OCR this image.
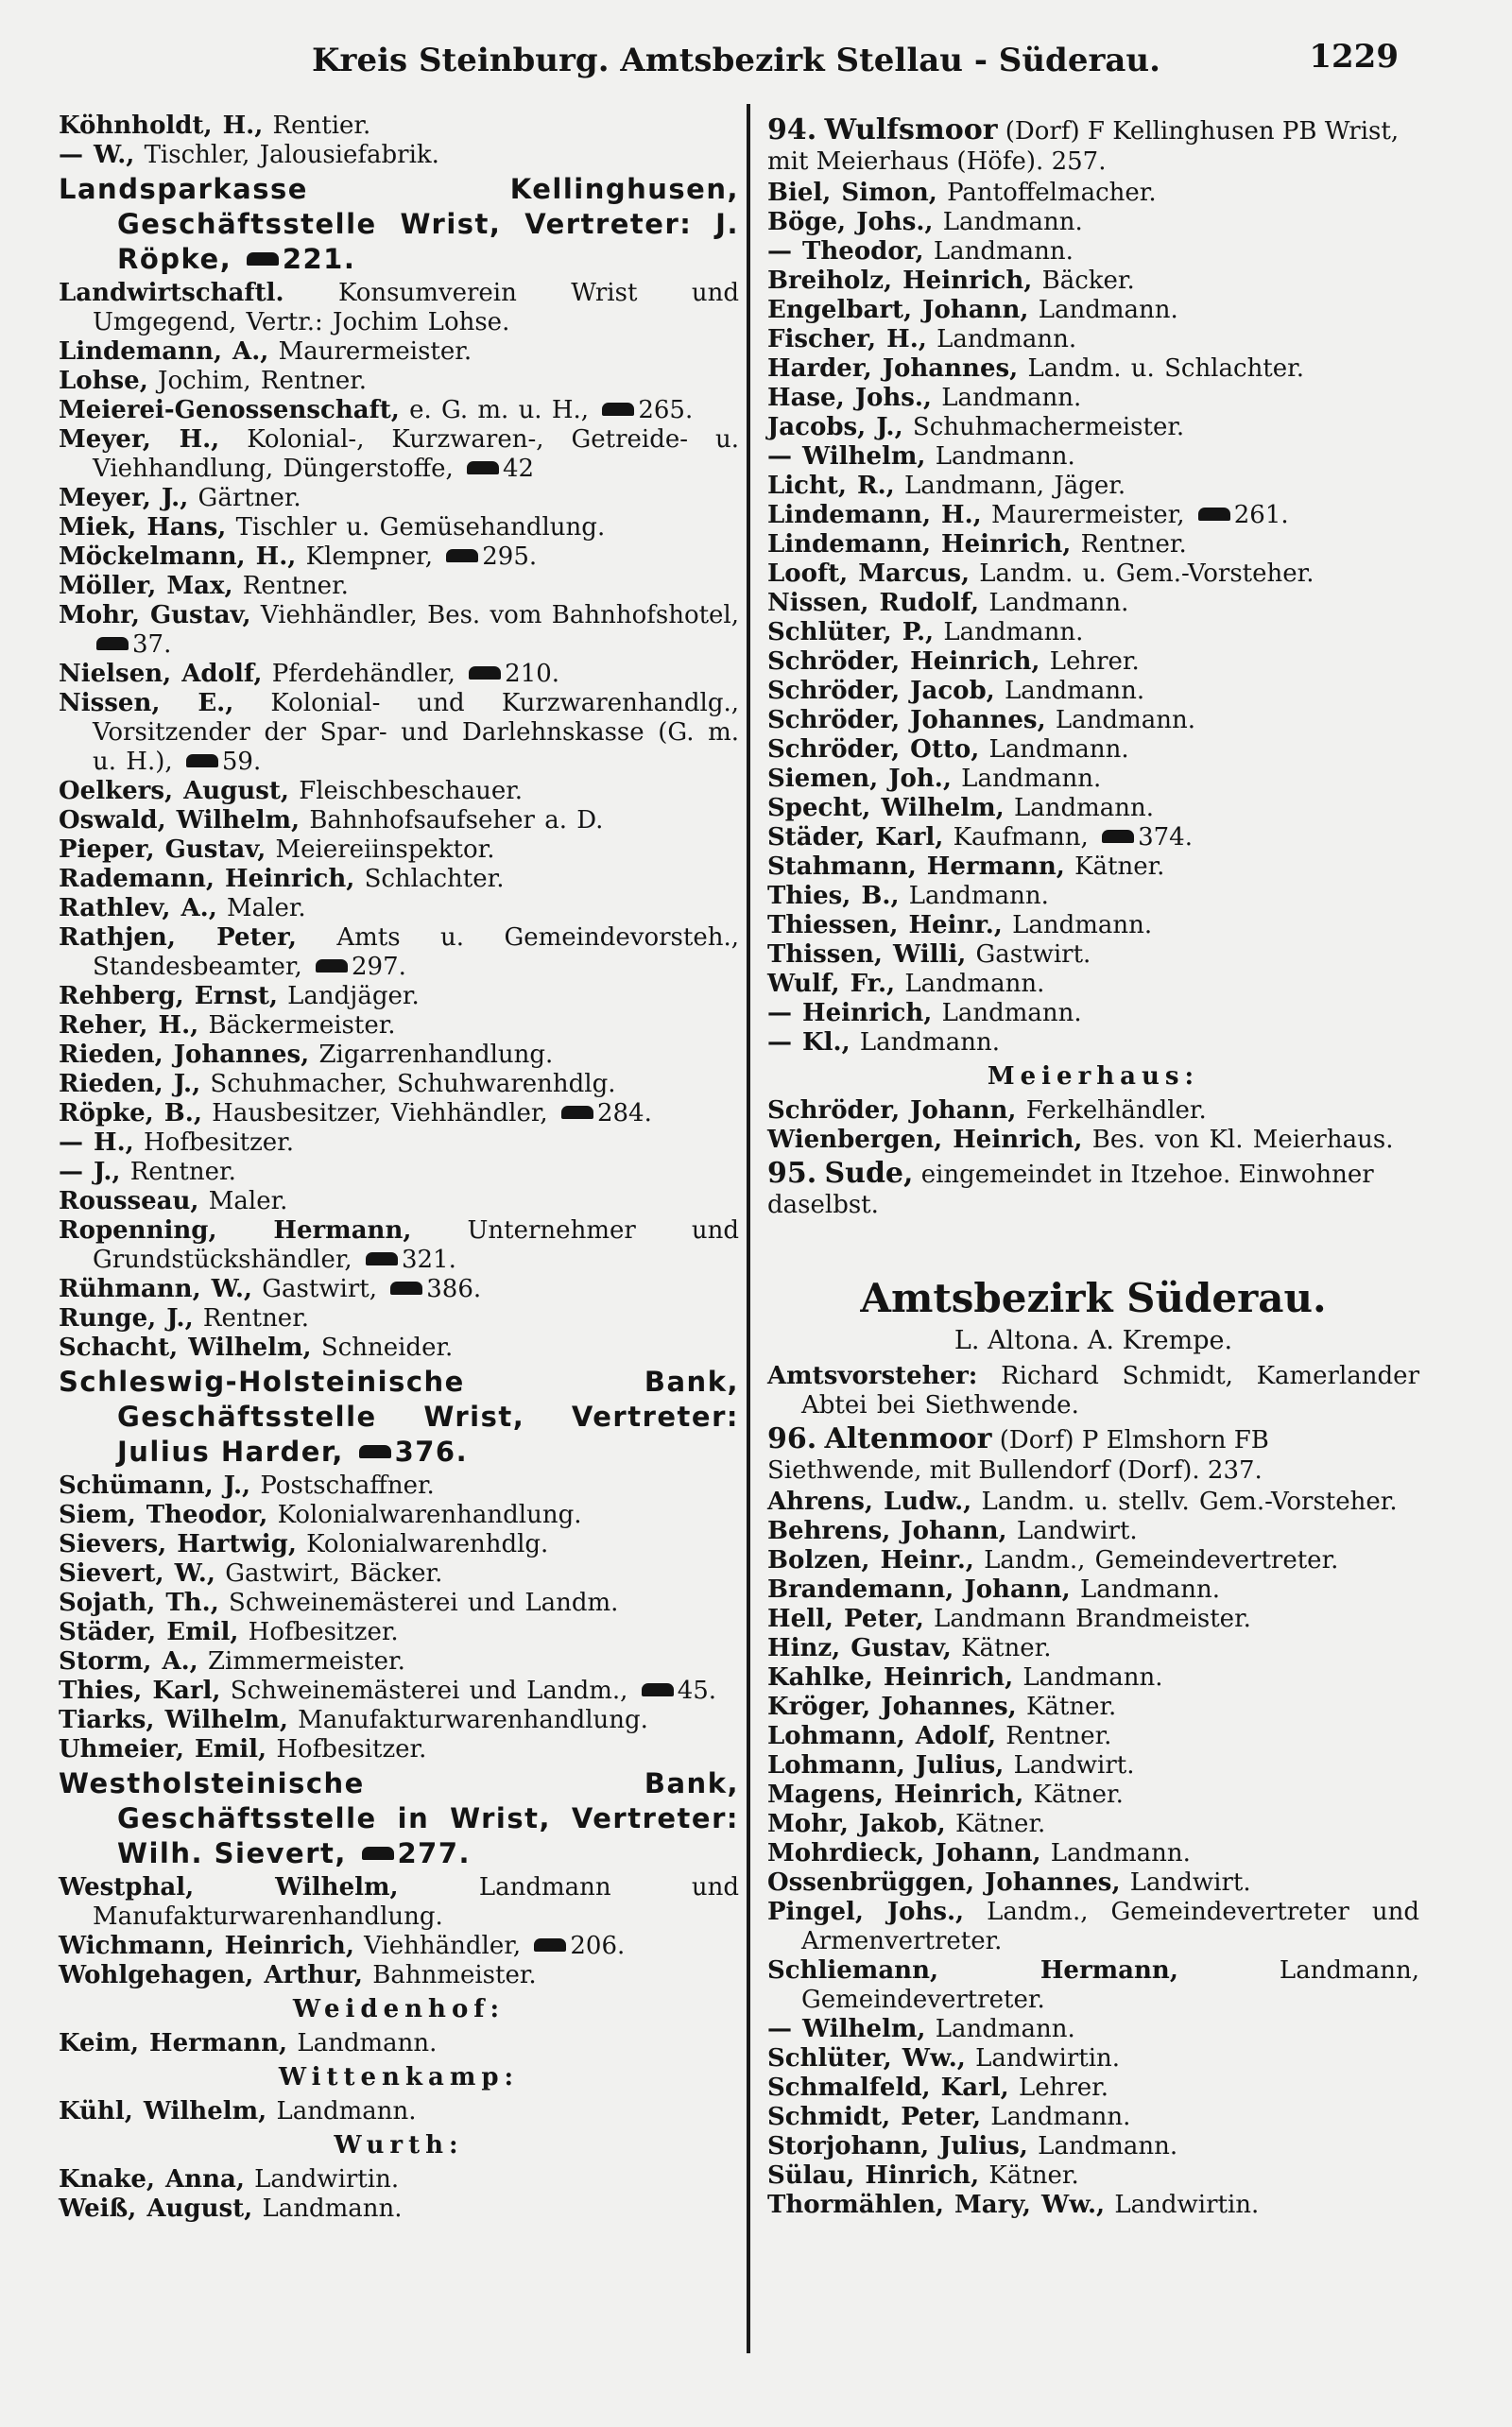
Kreis Steinburg. Amtsbezirk Stellau - Süderau.	1229

Köhnholdt, H., Rentier.

— W., Tischler, Jalousiefabrik.

Landsparkasse Kellinghusen, Geschäftsstelle Wrist, Vertreter: J. Röpke, 221.

Landwirtschaftl. Konsumverein Wrist und Umgegend, Vertr.: Jochim Lohse.

Lindemann, A., Maurermeister.

Lohse, Jochim, Rentner.

Meierei-Genossenschaft, e. G. m. u. H., 265.

Meyer, H., Kolonial-, Kurzwaren-, Getreide- u. Viehhandlung, Düngerstoffe, 42

Meyer, J., Gärtner.

Miek, Hans, Tischler u. Gemüsehandlung.

Möckelmann, H., Klempner, 295.

Möller, Max, Rentner.

Mohr, Gustav, Viehhändler, Bes. vom Bahnhofshotel, 37.

Nielsen, Adolf, Pferdehändler, 210.

Nissen, E., Kolonial- und Kurzwarenhandlg., Vorsitzender der Spar- und Darlehnskasse (G. m. u. H.), 59.

Oelkers, August, Fleischbeschauer.

Oswald, Wilhelm, Bahnhofsaufseher a. D.

Pieper, Gustav, Meiereiinspektor.

Rademann, Heinrich, Schlachter.

Rathlev, A., Maler.

Rathjen, Peter, Amts u. Gemeindevorsteh., Standesbeamter, 297.

Rehberg, Ernst, Landjäger.

Reher, H., Bäckermeister.

Rieden, Johannes, Zigarrenhandlung.

Rieden, J., Schuhmacher, Schuhwarenhdlg.

Röpke, B., Hausbesitzer, Viehhändler, 284.

— H., Hofbesitzer.

— J., Rentner.

Rousseau, Maler.

Ropenning, Hermann, Unternehmer und Grundstückshändler, 321.

Rühmann, W., Gastwirt, 386.

Runge, J., Rentner.

Schacht, Wilhelm, Schneider.

Schleswig-Holsteinische Bank, Geschäftsstelle Wrist, Vertreter: Julius Harder, 376.

Schümann, J., Postschaffner.

Siem, Theodor, Kolonialwarenhandlung.

Sievers, Hartwig, Kolonialwarenhdlg.

Sievert, W., Gastwirt, Bäcker.

Sojath, Th., Schweinemästerei und Landm.

Städer, Emil, Hofbesitzer.

Storm, A., Zimmermeister.

Thies, Karl, Schweinemästerei und Landm., 45.

Tiarks, Wilhelm, Manufakturwarenhandlung.

Uhmeier, Emil, Hofbesitzer.

Westholsteinische Bank, Geschäftsstelle in Wrist, Vertreter: Wilh. Sievert, 277.

Westphal, Wilhelm,	Landmann und Manufakturwarenhandlung.

Wichmann, Heinrich, Viehhändler, 206.

Wohlgehagen, Arthur, Bahnmeister.

Weidenhof:

Keim, Hermann, Landmann.

Wittenkamp:

Kühl, Wilhelm, Landmann.

Wurth:

Knake, Anna, Landwirtin.

Weiß, August, Landmann.

94. Wulfsmoor (Dorf) F Kellinghusen PB Wrist, mit Meierhaus (Höfe). 257.

Biel, Simon, Pantoffelmacher.

Böge, Johs., Landmann.

— Theodor, Landmann.

Breiholz, Heinrich, Bäcker.

Engelbart, Johann, Landmann.

Fischer, H., Landmann.

Harder, Johannes, Landm. u. Schlachter.

Hase, Johs., Landmann.

Jacobs, J., Schuhmachermeister.

— Wilhelm, Landmann.

Licht, R., Landmann, Jäger.

Lindemann, H., Maurermeister, 261.

Lindemann, Heinrich, Rentner.

Looft, Marcus, Landm. u. Gem.-Vorsteher.

Nissen, Rudolf, Landmann.

Schlüter, P., Landmann.

Schröder, Heinrich, Lehrer.

Schröder, Jacob, Landmann.

Schröder, Johannes, Landmann.

Schröder, Otto, Landmann.

Siemen, Joh., Landmann.

Specht, Wilhelm, Landmann.

Städer, Karl, Kaufmann, 374.

Stahmann, Hermann, Kätner.

Thies, B., Landmann.

Thiessen, Heinr., Landmann.

Thissen, Willi, Gastwirt.

Wulf, Fr., Landmann.

— Heinrich, Landmann.

— Kl., Landmann.

Meierhaus:

Schröder, Johann, Ferkelhändler.

Wienbergen, Heinrich, Bes. von Kl. Meierhaus.

95. Sude, eingemeindet in Itzehoe. Einwohner daselbst.

Amtsbezirk Süderau.

L. Altona. A. Krempe.

Amtsvorsteher: Richard Schmidt, Kamerlander Abtei bei Siethwende.

96. Altenmoor (Dorf) P Elmshorn FB Siethwende, mit Bullendorf (Dorf). 237.

Ahrens, Ludw., Landm. u. stellv. Gem.-Vorsteher.

Behrens, Johann, Landwirt.

Bolzen, Heinr., Landm., Gemeindevertreter.

Brandemann, Johann, Landmann.

Hell, Peter, Landmann Brandmeister.

Hinz, Gustav, Kätner.

Kahlke, Heinrich, Landmann.

Kröger, Johannes, Kätner.

Lohmann, Adolf, Rentner.

Lohmann, Julius, Landwirt.

Magens, Heinrich, Kätner.

Mohr, Jakob, Kätner.

Mohrdieck, Johann, Landmann.

Ossenbrüggen, Johannes, Landwirt.

Pingel, Johs., Landm., Gemeindevertreter und Armenvertreter.

Schliemann, Hermann,	Landmann, Gemeindevertreter.

— Wilhelm, Landmann.

Schlüter, Ww., Landwirtin.

Schmalfeld, Karl, Lehrer.

Schmidt, Peter, Landmann.

Storjohann, Julius, Landmann.

Sülau, Hinrich, Kätner.

Thormählen, Mary, Ww., Landwirtin.
